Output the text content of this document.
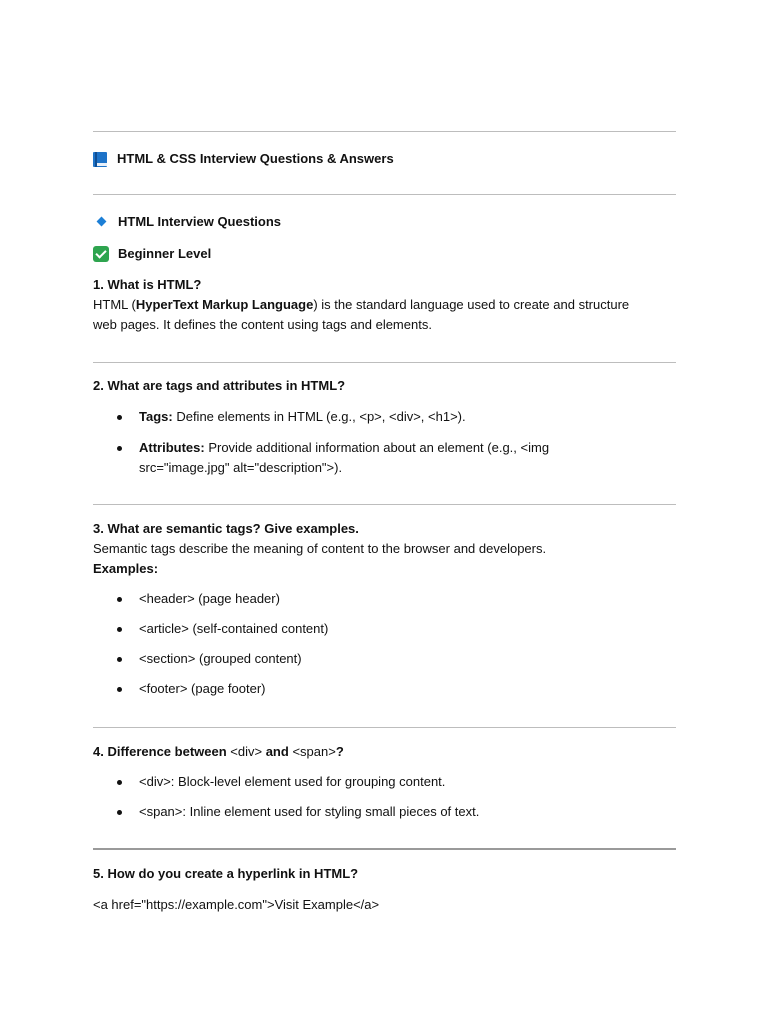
HTML & CSS Interview Questions & Answers
HTML Interview Questions
Beginner Level
1. What is HTML?
HTML (HyperText Markup Language) is the standard language used to create and structure
web pages. It defines the content using tags and elements.
2. What are tags and attributes in HTML?
Tags: Define elements in HTML (e.g., <p>, <div>, <h1>).
Attributes: Provide additional information about an element (e.g., <img
src="image.jpg" alt="description">).
3. What are semantic tags? Give examples.
Semantic tags describe the meaning of content to the browser and developers.
Examples:
<header> (page header)
<article> (self-contained content)
<section> (grouped content)
<footer> (page footer)
4. Difference between <div> and <span>?
<div>: Block-level element used for grouping content.
<span>: Inline element used for styling small pieces of text.
5. How do you create a hyperlink in HTML?
<a href="https://example.com">Visit Example</a>
